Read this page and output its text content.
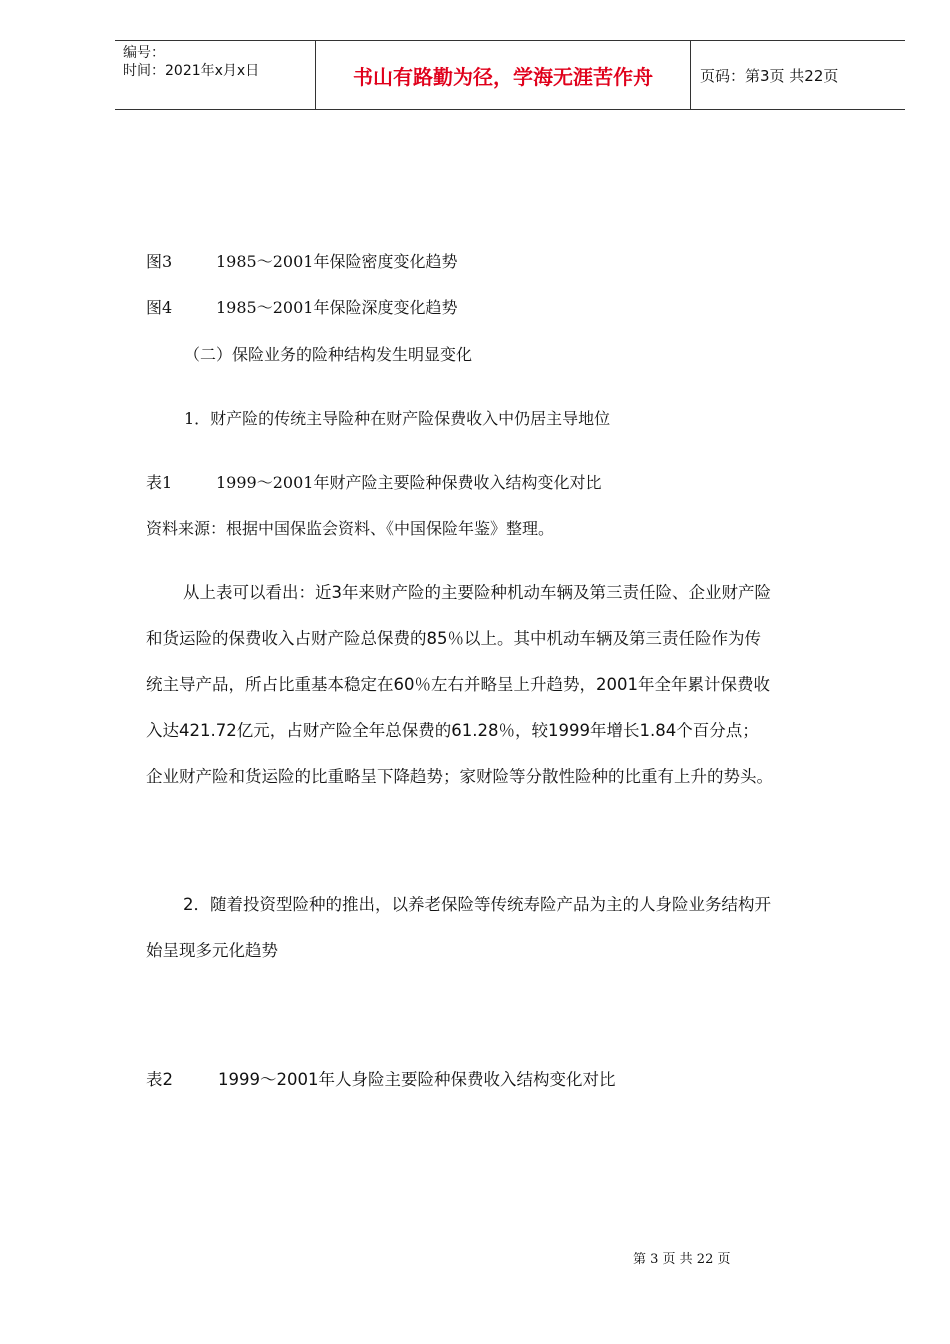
编号：
时间：2021年x月x日	书山有路勤为径，学海无涯苦作舟	页码：第3页 共22页
图3	1985～2001年保险密度变化趋势
图4	1985～2001年保险深度变化趋势
（二）保险业务的险种结构发生明显变化
1．财产险的传统主导险种在财产险保费收入中仍居主导地位
表1	1999～2001年财产险主要险种保费收入结构变化对比
资料来源：根据中国保监会资料、《中国保险年鉴》整理。
从上表可以看出：近3年来财产险的主要险种机动车辆及第三责任险、企业财产险
和货运险的保费收入占财产险总保费的85％以上。其中机动车辆及第三责任险作为传
统主导产品，所占比重基本稳定在60％左右并略呈上升趋势，2001年全年累计保费收
入达421.72亿元，占财产险全年总保费的61.28％，较1999年增长1.84个百分点；
企业财产险和货运险的比重略呈下降趋势；家财险等分散性险种的比重有上升的势头。
2．随着投资型险种的推出，以养老保险等传统寿险产品为主的人身险业务结构开
始呈现多元化趋势
表2	1999～2001年人身险主要险种保费收入结构变化对比
第 3 页 共 22 页
